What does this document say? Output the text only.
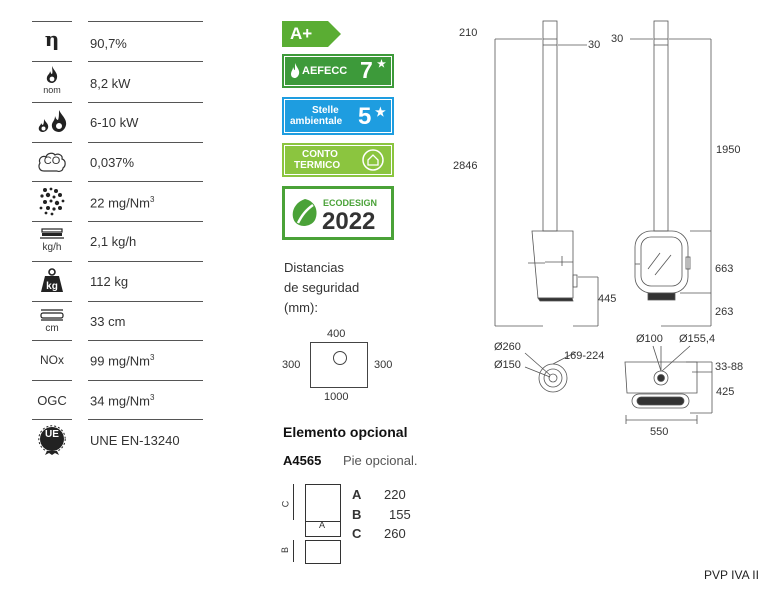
η 90,7%
nom 8,2 kW
6-10 kW
CO 0,037%
22 mg/Nm$^3$
kg/h 2,1 kg/h
kg 112 kg
cm 33 cm
NOx 99 mg/Nm$^3$
OGC 34 mg/Nm$^3$
UE UNE EN-13240
A+
AEFECC 7 ★
Stelle
ambientale 5 ★
CONTO
TERMICO
ECODESIGN
2022
Distancias
de seguridad
(mm):
400
300	300
1000
Elemento opcional
A4565 Pie opcional.
A
C
B
A 220
B 155
C 260
210
30 30
2846
1950
663
445
263
Ø260
Ø150
169-224
Ø100 Ø155,4
33-88
425
550
PVP IVA II
